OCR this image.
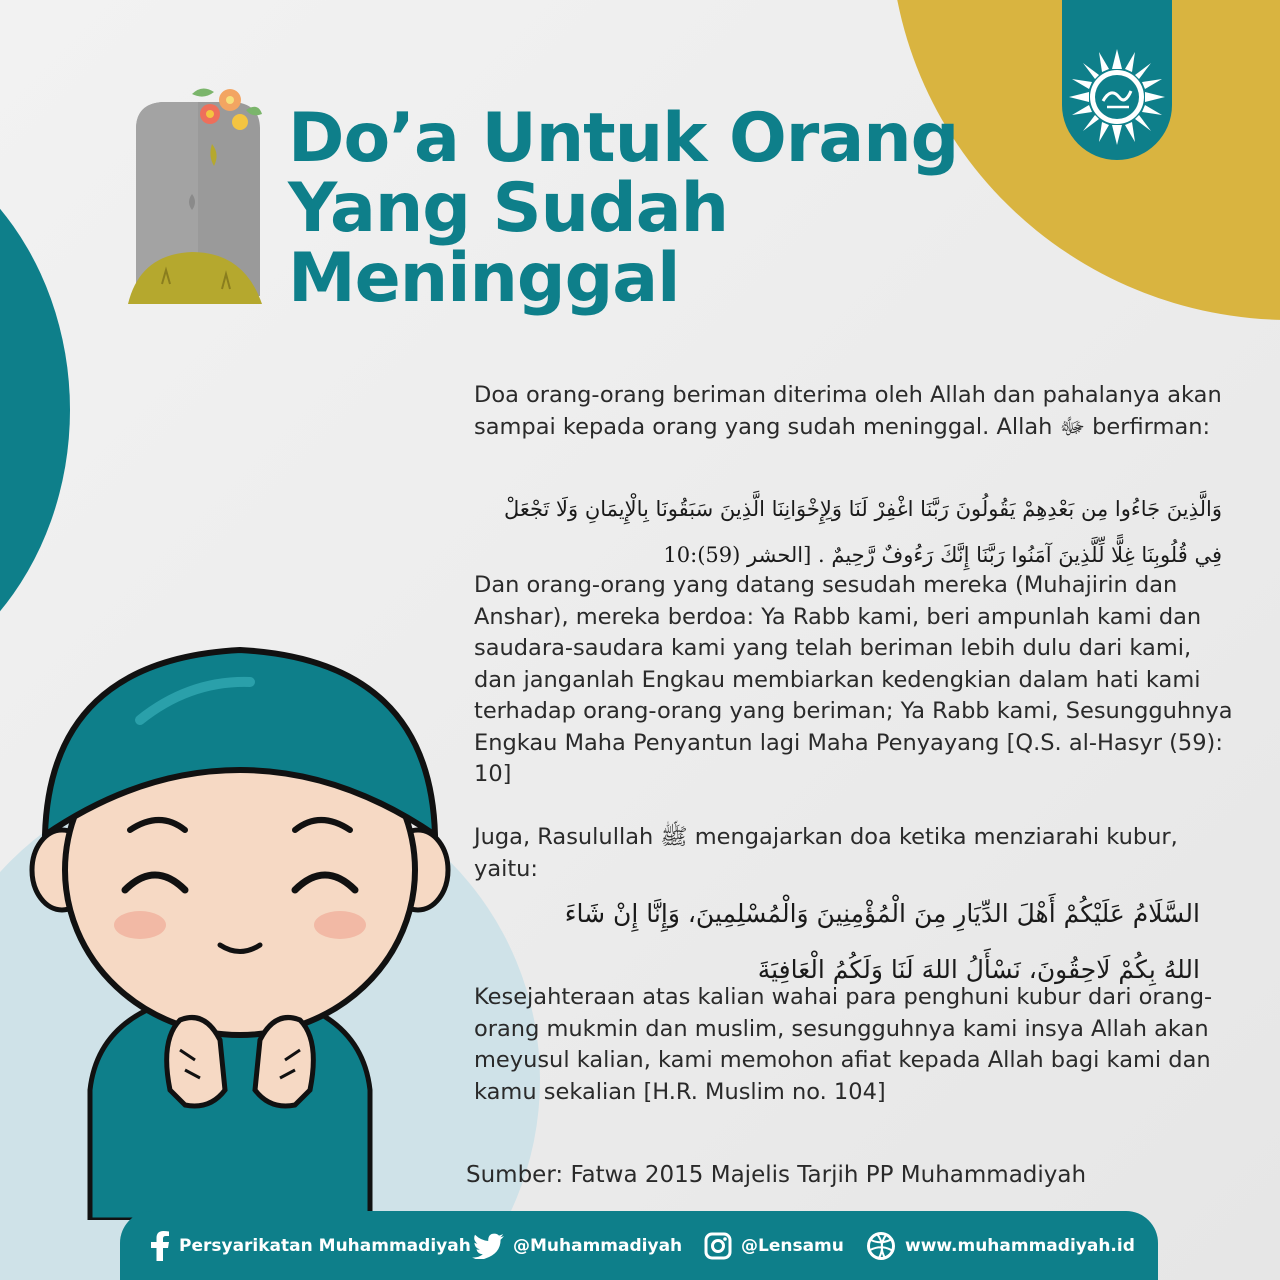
Do’a Untuk Orang
Yang Sudah
Meninggal

Doa orang-orang beriman diterima oleh Allah dan pahalanya akan sampai kepada orang yang sudah meninggal. Allah ﷻ berfirman:

وَالَّذِينَ جَاءُوا مِن بَعْدِهِمْ يَقُولُونَ رَبَّنَا اغْفِرْ لَنَا وَلِإِخْوَانِنَا الَّذِينَ سَبَقُونَا بِالْإِيمَانِ وَلَا تَجْعَلْ فِي قُلُوبِنَا غِلًّا لِّلَّذِينَ آمَنُوا رَبَّنَا إِنَّكَ رَءُوفٌ رَّحِيمٌ . [الحشر (59):10

Dan orang-orang yang datang sesudah mereka (Muhajirin dan Anshar), mereka berdoa: Ya Rabb kami, beri ampunlah kami dan saudara-saudara kami yang telah beriman lebih dulu dari kami, dan janganlah Engkau membiarkan kedengkian dalam hati kami terhadap orang-orang yang beriman; Ya Rabb kami, Sesungguhnya Engkau Maha Penyantun lagi Maha Penyayang [Q.S. al-Hasyr (59): 10]

Juga, Rasulullah ﷺ mengajarkan doa ketika menziarahi kubur, yaitu:

السَّلَامُ عَلَيْكُمْ أَهْلَ الدِّيَارِ مِنَ الْمُؤْمِنِينَ وَالْمُسْلِمِينَ، وَإِنَّا إِنْ شَاءَ اللهُ بِكُمْ لَاحِقُونَ، نَسْأَلُ اللهَ لَنَا وَلَكُمُ الْعَافِيَةَ

Kesejahteraan atas kalian wahai para penghuni kubur dari orang-orang mukmin dan muslim, sesungguhnya kami insya Allah akan meyusul kalian, kami memohon afiat kepada Allah bagi kami dan kamu sekalian [H.R. Muslim no. 104]

Sumber: Fatwa 2015 Majelis Tarjih PP Muhammadiyah

Persyarikatan Muhammadiyah @Muhammadiyah	@Lensamu	www.muhammadiyah.id
